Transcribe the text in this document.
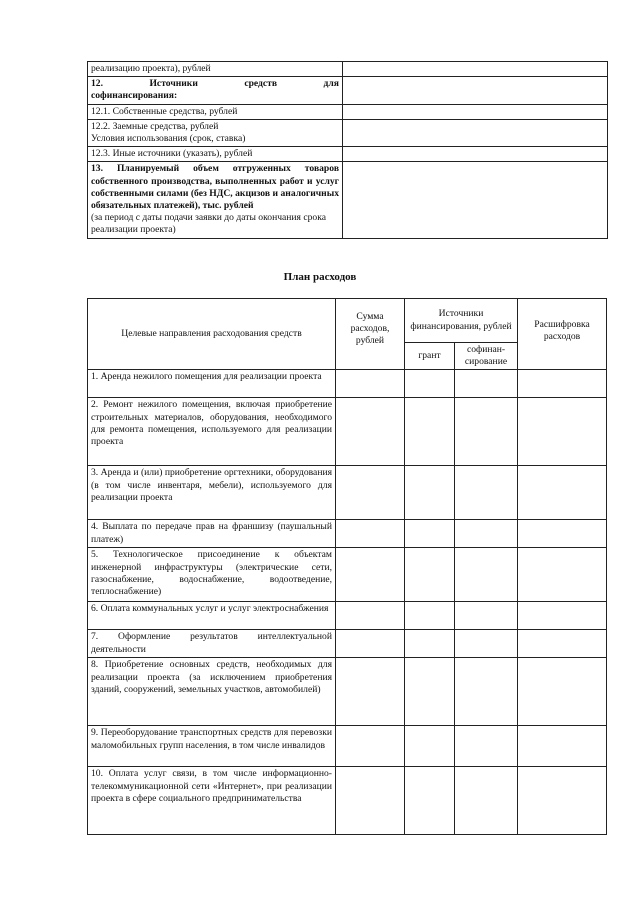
реализацию проекта), рублей	

12. Источники средств для
софинансирования:	
12.1. Собственные средства, рублей	
12.2. Заемные средства, рублей
Условия использования (срок, ставка)	
12.3. Иные источники (указать), рублей	

13. Планируемый объем отгруженных товаров собственного производства, выполненных работ и услуг собственными силами (без НДС, акцизов и аналогичных обязательных платежей), тыс. рублей
(за период с даты подачи заявки до даты окончания срока реализации проекта)	

План расходов
Целевые направления расходования средств	Сумма расходов, рублей	Источники финансирования, рублей		Расшифровка расходов
		грант	софинан-сирование	
1. Аренда нежилого помещения для реализации проекта				
2. Ремонт нежилого помещения, включая приобретение строительных материалов, оборудования, необходимого для ремонта помещения, используемого для реализации проекта				
3. Аренда и (или) приобретение оргтехники, оборудования (в том числе инвентаря, мебели), используемого для реализации проекта				
4. Выплата по передаче прав на франшизу (паушальный платеж)				
5. Технологическое присоединение к объектам инженерной инфраструктуры (электрические сети, газоснабжение, водоснабжение, водоотведение, теплоснабжение)				
6. Оплата коммунальных услуг и услуг электроснабжения				
7. Оформление результатов интеллектуальной деятельности				
8. Приобретение основных средств, необходимых для реализации проекта (за исключением приобретения зданий, сооружений, земельных участков, автомобилей)				
9. Переоборудование транспортных средств для перевозки маломобильных групп населения, в том числе инвалидов				
10. Оплата услуг связи, в том числе информационно-телекоммуникационной сети «Интернет», при реализации проекта в сфере социального предпринимательства				
